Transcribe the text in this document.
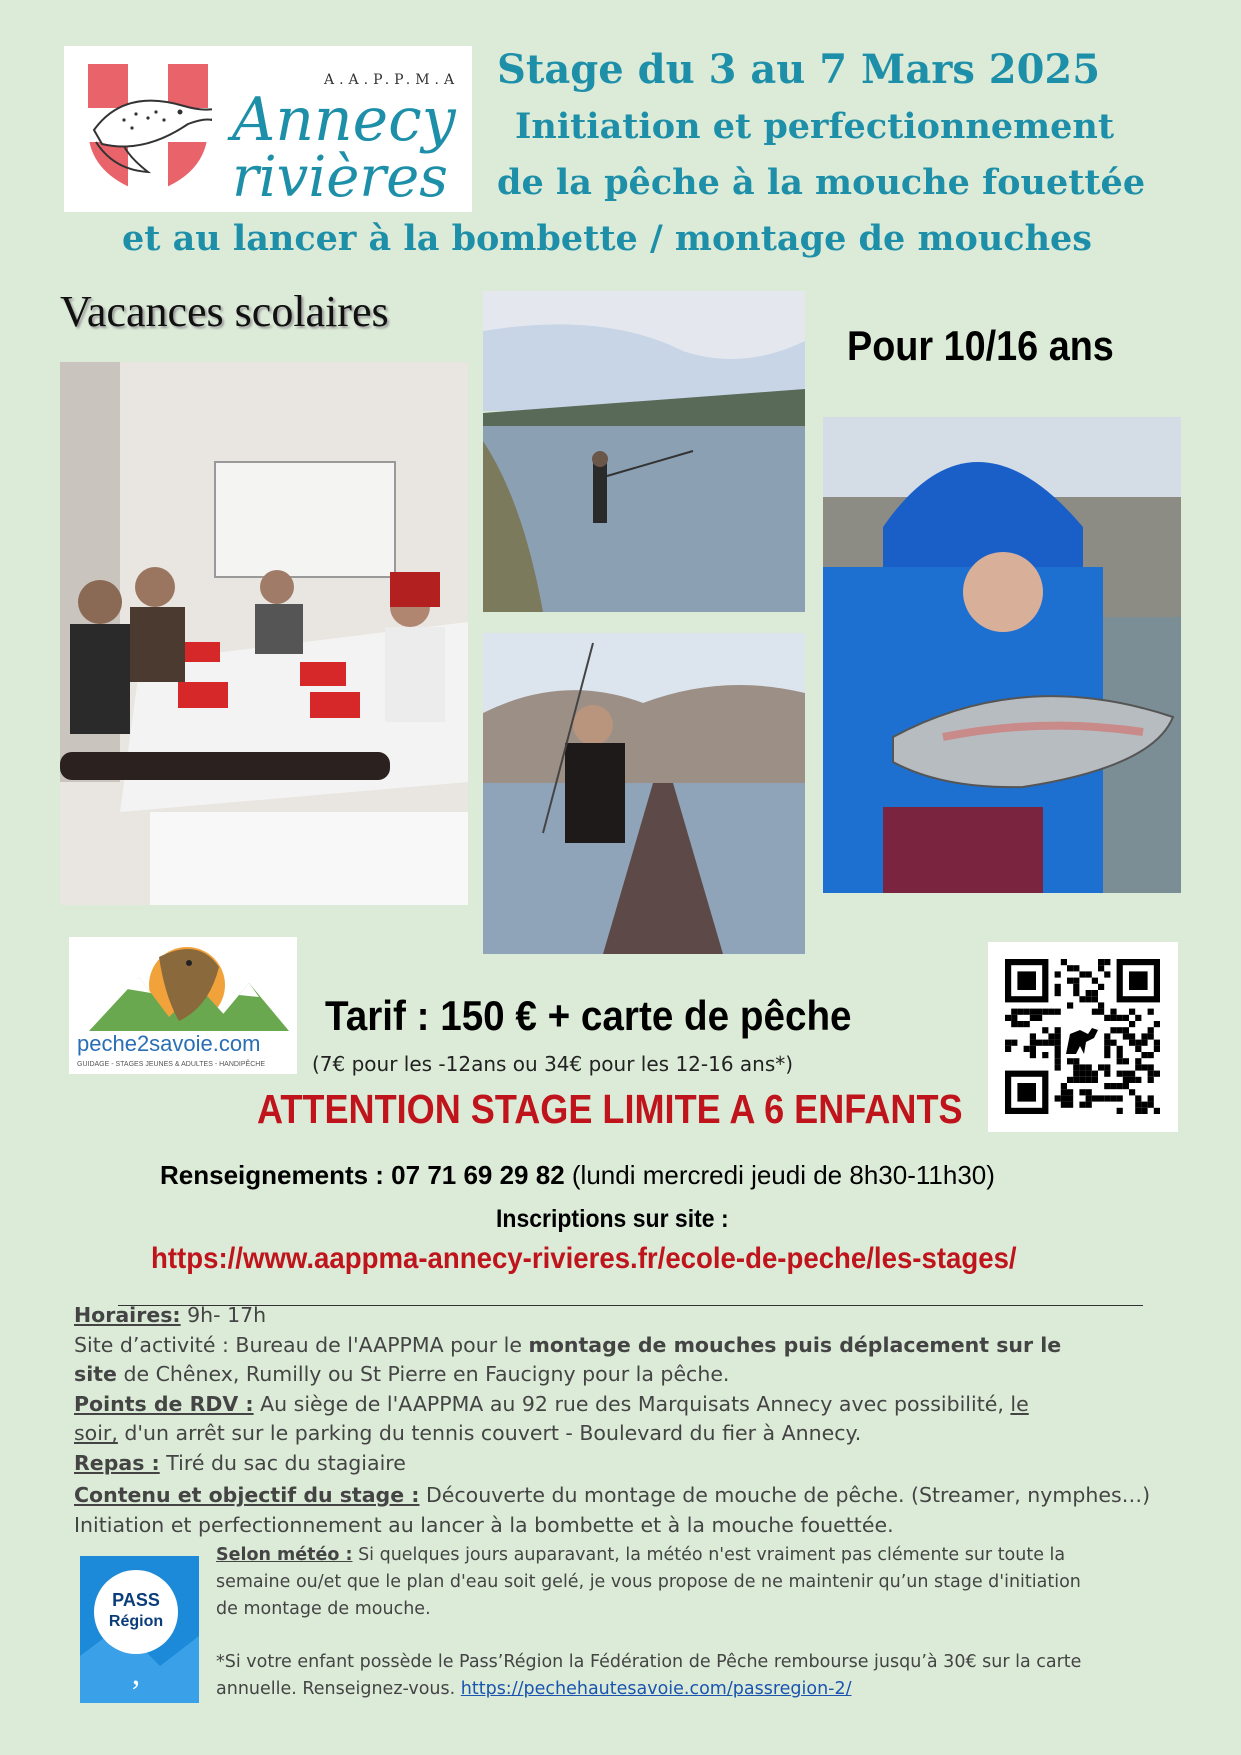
A.A.P.P.M.A
Annecy
rivières
Stage du 3 au 7 Mars 2025
Initiation et perfectionnement
de la pêche à la mouche fouettée
et au lancer à la bombette / montage de mouches
Vacances scolaires
Pour 10/16 ans
peche2savoie.com
GUIDAGE - STAGES JEUNES & ADULTES - HANDIPÊCHE
Tarif : 150 € + carte de pêche
(7€ pour les -12ans ou 34€ pour les 12-16 ans*)
ATTENTION STAGE LIMITE A 6 ENFANTS
Renseignements : 07 71 69 29 82 (lundi mercredi jeudi de 8h30-11h30)
Inscriptions sur site :
https://www.aappma-annecy-rivieres.fr/ecole-de-peche/les-stages/
Horaires: 9h- 17h
Site d’activité : Bureau de l'AAPPMA pour le montage de mouches puis déplacement sur le
site de Chênex, Rumilly ou St Pierre en Faucigny pour la pêche.
Points de RDV : Au siège de l'AAPPMA au 92 rue des Marquisats Annecy avec possibilité, le
soir, d'un arrêt sur le parking du tennis couvert - Boulevard du fier à Annecy.
Repas : Tiré du sac du stagiaire
Contenu et objectif du stage : Découverte du montage de mouche de pêche. (Streamer, nymphes…)
Initiation et perfectionnement au lancer à la bombette et à la mouche fouettée.
PASS
Région
,
Selon météo : Si quelques jours auparavant, la météo n'est vraiment pas clémente sur toute la
semaine ou/et que le plan d'eau soit gelé, je vous propose de ne maintenir qu’un stage d'initiation
de montage de mouche.
*Si votre enfant possède le Pass’Région la Fédération de Pêche rembourse jusqu’à 30€ sur la carte
annuelle. Renseignez-vous. https://pechehautesavoie.com/passregion-2/
